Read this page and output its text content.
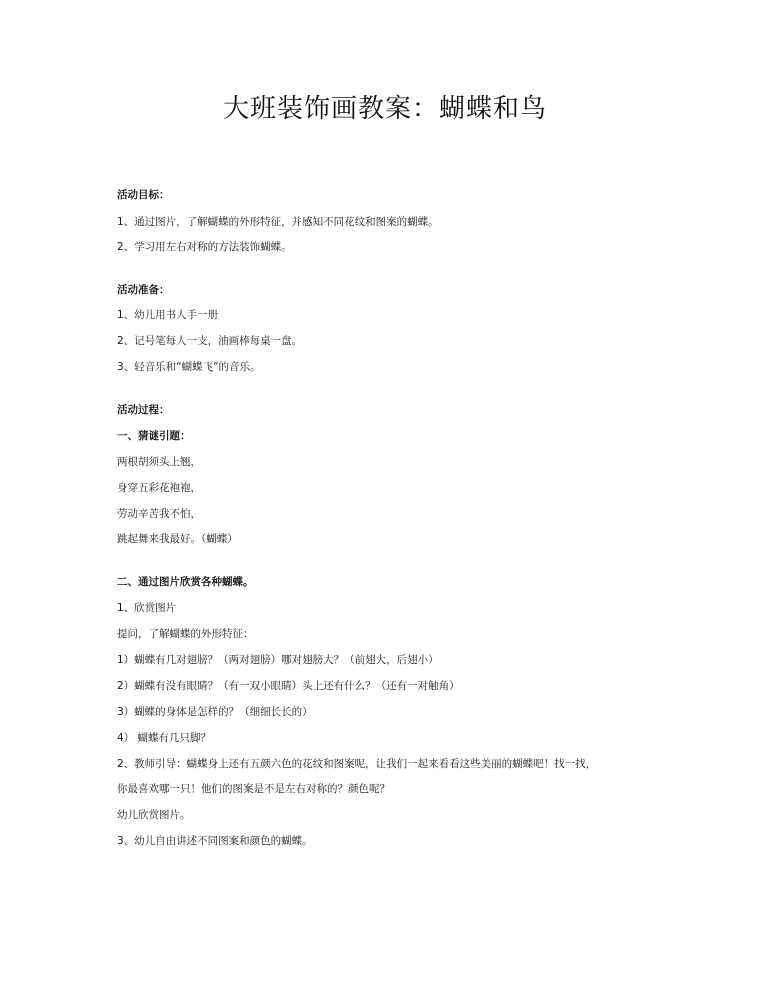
大班装饰画教案：蝴蝶和鸟
活动目标：
1、通过图片，了解蝴蝶的外形特征，并感知不同花纹和图案的蝴蝶。
2、学习用左右对称的方法装饰蝴蝶。
活动准备：
1、幼儿用书人手一册
2、记号笔每人一支，油画棒每桌一盘。
3、轻音乐和“蝴蝶飞”的音乐。
活动过程：
一、猜谜引题：
两根胡须头上翘，
身穿五彩花袍袍，
劳动辛苦我不怕，
跳起舞来我最好。（蝴蝶）
二、通过图片欣赏各种蝴蝶。
1、欣赏图片
提问，了解蝴蝶的外形特征：
1）蝴蝶有几对翅膀？（两对翅膀）哪对翅膀大？（前翅大，后翅小）
2）蝴蝶有没有眼睛？（有一双小眼睛）头上还有什么？（还有一对触角）
3）蝴蝶的身体是怎样的？（细细长长的）
4） 蝴蝶有几只脚？
2、教师引导：蝴蝶身上还有五颜六色的花纹和图案呢，让我们一起来看看这些美丽的蝴蝶吧！找一找，
你最喜欢哪一只！他们的图案是不是左右对称的？颜色呢？
幼儿欣赏图片。
3、幼儿自由讲述不同图案和颜色的蝴蝶。
